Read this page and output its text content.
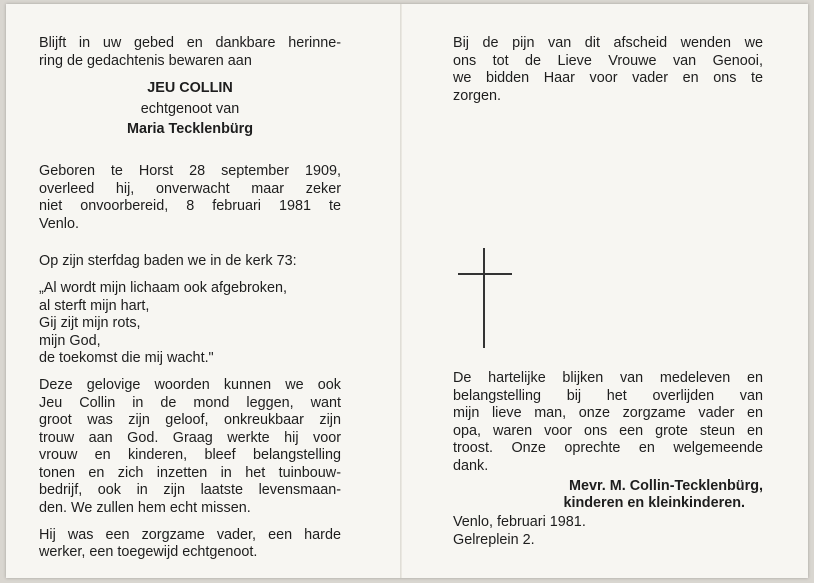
Blijft in uw gebed en dankbare herinne-
ring de gedachtenis bewaren aan
JEU COLLIN
echtgenoot van
Maria Tecklenbürg
Geboren te Horst 28 september 1909,
overleed hij, onverwacht maar zeker
niet onvoorbereid, 8 februari 1981 te
Venlo.
Op zijn sterfdag baden we in de kerk 73:
„Al wordt mijn lichaam ook afgebroken,
al sterft mijn hart,
Gij zijt mijn rots,
mijn God,
de toekomst die mij wacht."
Deze gelovige woorden kunnen we ook
Jeu Collin in de mond leggen, want
groot was zijn geloof, onkreukbaar zijn
trouw aan God. Graag werkte hij voor
vrouw en kinderen, bleef belangstelling
tonen en zich inzetten in het tuinbouw-
bedrijf, ook in zijn laatste levensmaan-
den. We zullen hem echt missen.
Hij was een zorgzame vader, een harde
werker, een toegewijd echtgenoot.
Bij de pijn van dit afscheid wenden we
ons tot de Lieve Vrouwe van Genooi,
we bidden Haar voor vader en ons te
zorgen.
De hartelijke blijken van medeleven en
belangstelling bij het overlijden van
mijn lieve man, onze zorgzame vader en
opa, waren voor ons een grote steun en
troost. Onze oprechte en welgemeende
dank.
Mevr. M. Collin-Tecklenbürg,
kinderen en kleinkinderen.
Venlo, februari 1981.
Gelreplein 2.
